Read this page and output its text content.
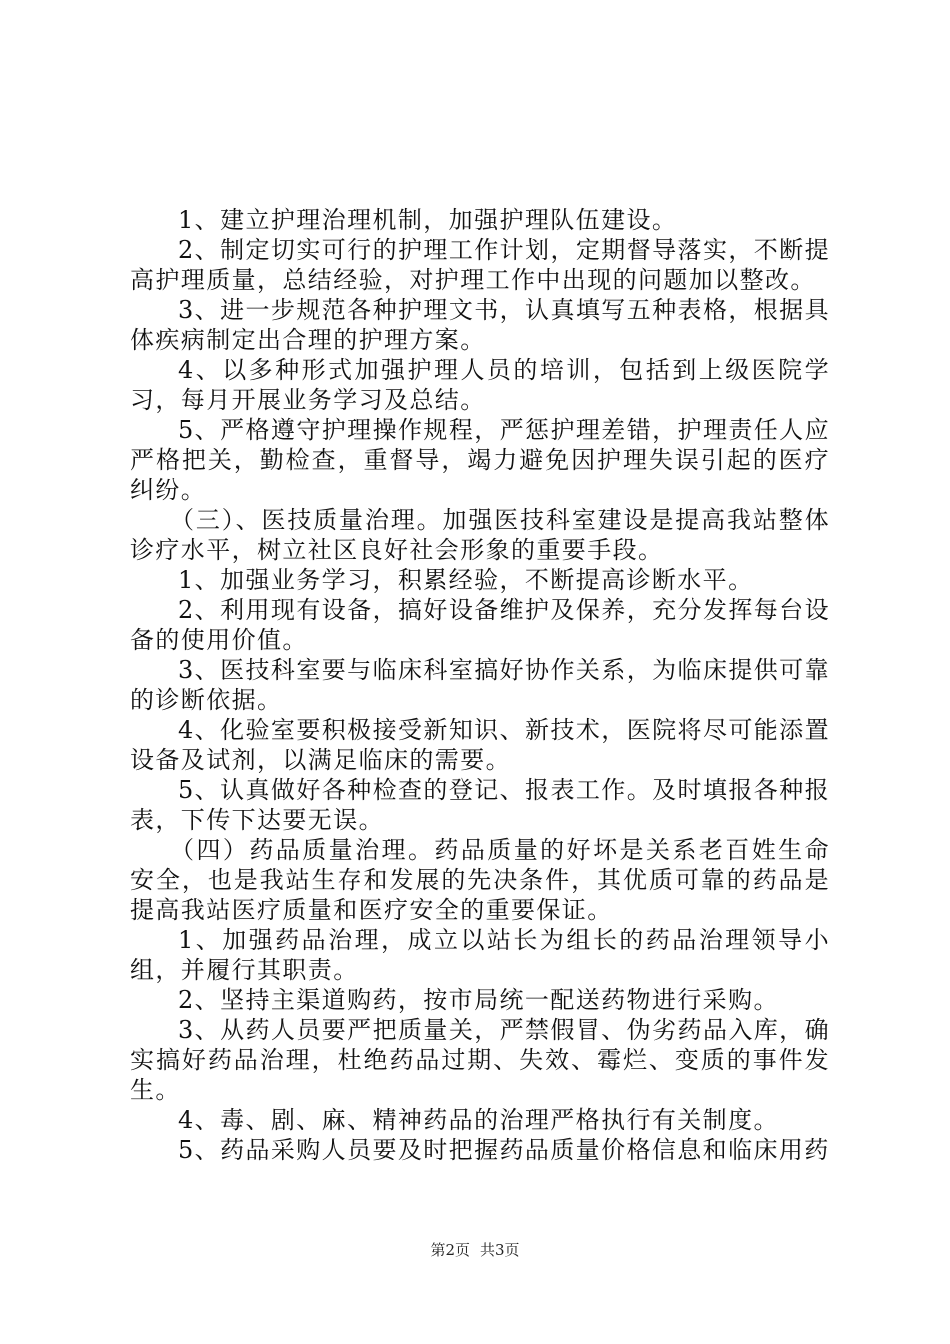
1、建立护理治理机制，加强护理队伍建设。

2、制定切实可行的护理工作计划，定期督导落实，不断提高护理质量，总结经验，对护理工作中出现的问题加以整改。

3、进一步规范各种护理文书，认真填写五种表格，根据具体疾病制定出合理的护理方案。

4、以多种形式加强护理人员的培训，包括到上级医院学习，每月开展业务学习及总结。

5、严格遵守护理操作规程，严惩护理差错，护理责任人应严格把关，勤检查，重督导，竭力避免因护理失误引起的医疗纠纷。

（三）、医技质量治理。加强医技科室建设是提高我站整体诊疗水平，树立社区良好社会形象的重要手段。

1、加强业务学习，积累经验，不断提高诊断水平。

2、利用现有设备，搞好设备维护及保养，充分发挥每台设备的使用价值。

3、医技科室要与临床科室搞好协作关系，为临床提供可靠的诊断依据。

4、化验室要积极接受新知识、新技术，医院将尽可能添置设备及试剂，以满足临床的需要。

5、认真做好各种检查的登记、报表工作。及时填报各种报表，下传下达要无误。

（四）药品质量治理。药品质量的好坏是关系老百姓生命安全，也是我站生存和发展的先决条件，其优质可靠的药品是提高我站医疗质量和医疗安全的重要保证。

1、加强药品治理，成立以站长为组长的药品治理领导小组，并履行其职责。

2、坚持主渠道购药，按市局统一配送药物进行采购。

3、从药人员要严把质量关，严禁假冒、伪劣药品入库，确实搞好药品治理，杜绝药品过期、失效、霉烂、变质的事件发生。

4、毒、剧、麻、精神药品的治理严格执行有关制度。

5、药品采购人员要及时把握药品质量价格信息和临床用药

第2页 共3页
